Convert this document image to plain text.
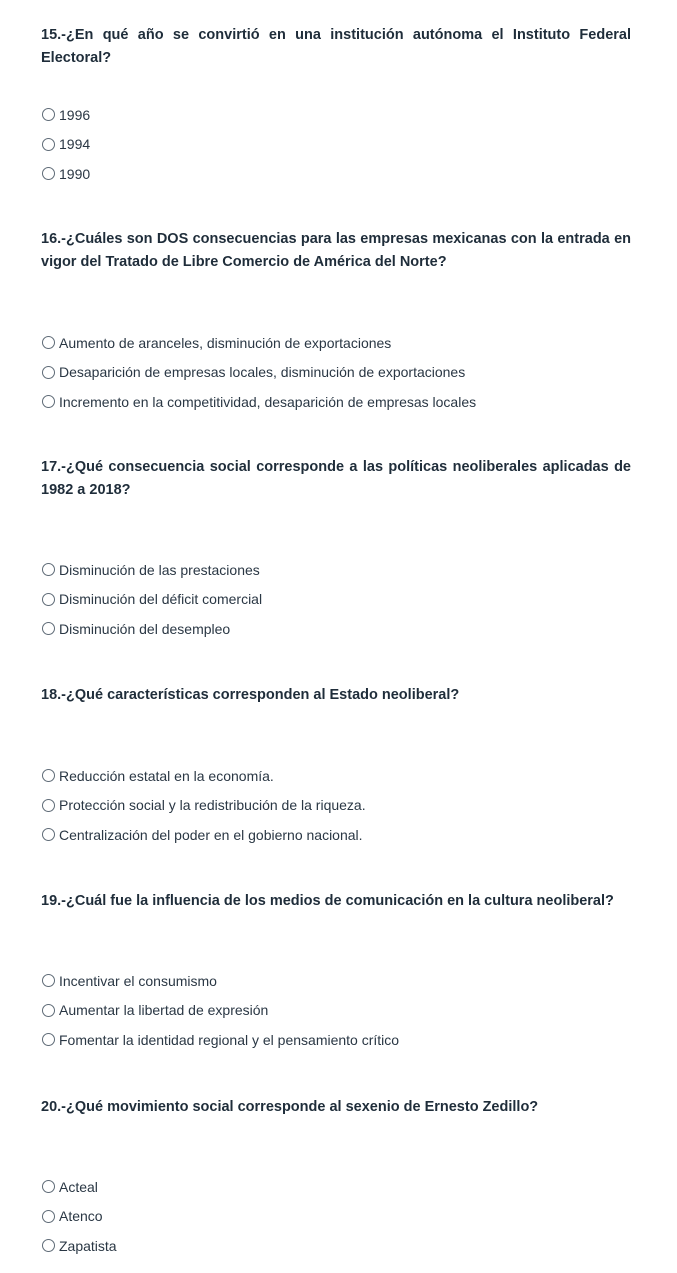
15.-¿En qué año se convirtió en una institución autónoma el Instituto Federal Electoral?

1996
1994
1990

16.-¿Cuáles son DOS consecuencias para las empresas mexicanas con la entrada en vigor del Tratado de Libre Comercio de América del Norte?

Aumento de aranceles, disminución de exportaciones
Desaparición de empresas locales, disminución de exportaciones
Incremento en la competitividad, desaparición de empresas locales

17.-¿Qué consecuencia social corresponde a las políticas neoliberales aplicadas de 1982 a 2018?

Disminución de las prestaciones
Disminución del déficit comercial
Disminución del desempleo

18.-¿Qué características corresponden al Estado neoliberal?

Reducción estatal en la economía.
Protección social y la redistribución de la riqueza.
Centralización del poder en el gobierno nacional.

19.-¿Cuál fue la influencia de los medios de comunicación en la cultura neoliberal?

Incentivar el consumismo
Aumentar la libertad de expresión
Fomentar la identidad regional y el pensamiento crítico

20.-¿Qué movimiento social corresponde al sexenio de Ernesto Zedillo?

Acteal
Atenco
Zapatista
